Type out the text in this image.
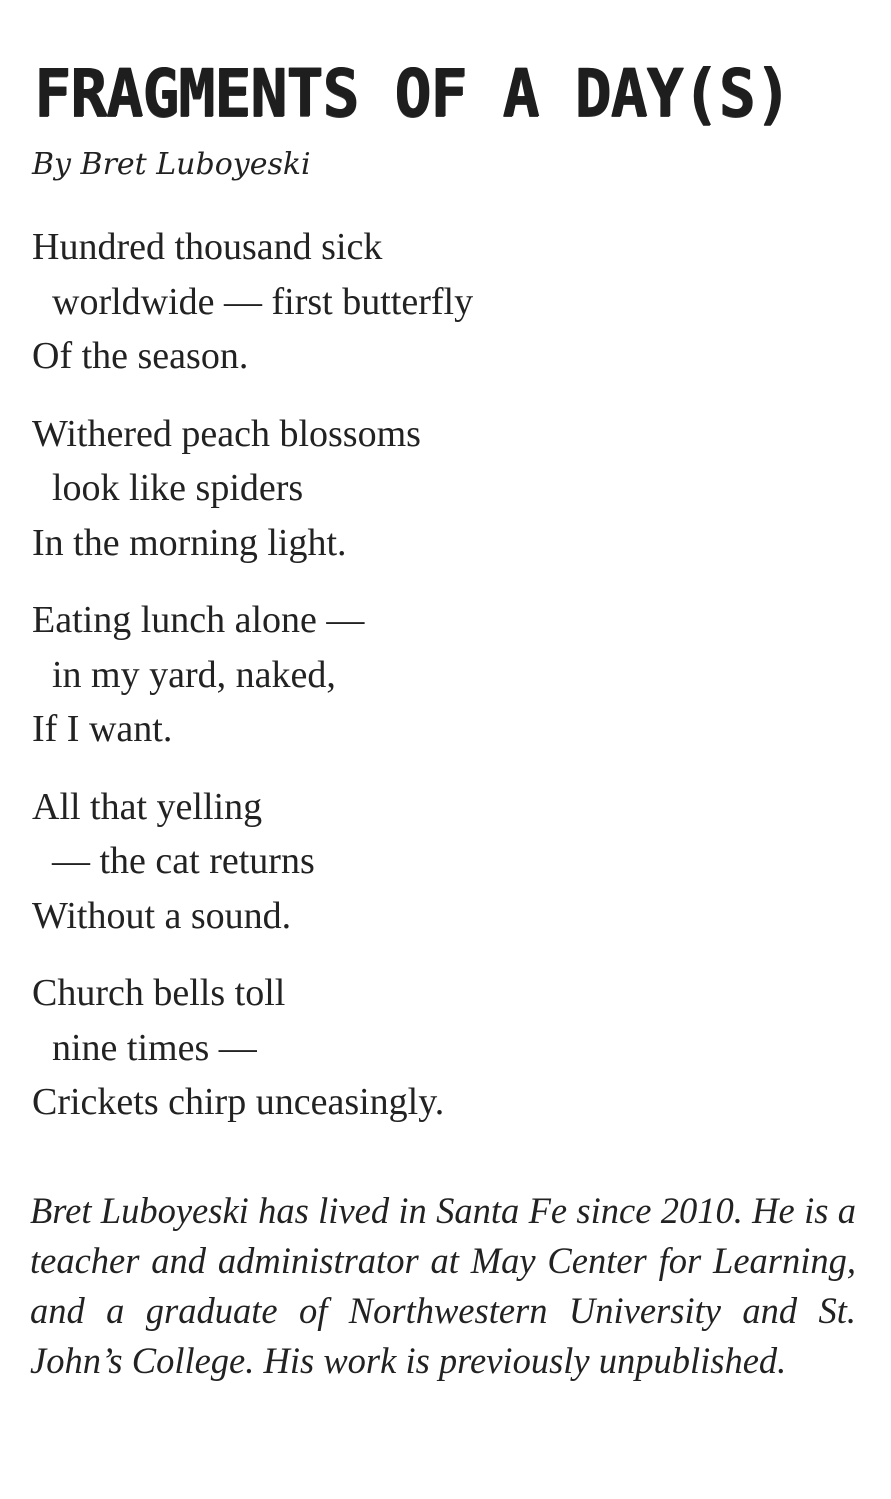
FRAGMENTS OF A DAY(S)

By Bret Luboyeski

Hundred thousand sick
worldwide — first butterfly
Of the season.
Withered peach blossoms
look like spiders
In the morning light.
Eating lunch alone —
in my yard, naked,
If I want.
All that yelling
— the cat returns
Without a sound.
Church bells toll
nine times —
Crickets chirp unceasingly.

Bret Luboyeski has lived in Santa Fe since 2010. He is a teacher and administrator at May Center for Learning, and a graduate of Northwestern University and St. John’s College. His work is previously unpublished.
